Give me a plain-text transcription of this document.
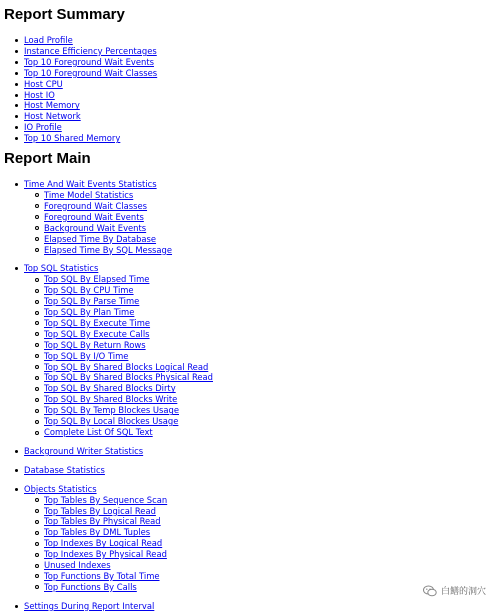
Report Summary
Load Profile
Instance Efficiency Percentages
Top 10 Foreground Wait Events
Top 10 Foreground Wait Classes
Host CPU
Host IO
Host Memory
Host Network
IO Profile
Top 10 Shared Memory
Report Main
Time And Wait Events Statistics
Time Model Statistics
Foreground Wait Classes
Foreground Wait Events
Background Wait Events
Elapsed Time By Database
Elapsed Time By SQL Message
Top SQL Statistics
Top SQL By Elapsed Time
Top SQL By CPU Time
Top SQL By Parse Time
Top SQL By Plan Time
Top SQL By Execute Time
Top SQL By Execute Calls
Top SQL By Return Rows
Top SQL By I/O Time
Top SQL By Shared Blocks Logical Read
Top SQL By Shared Blocks Physical Read
Top SQL By Shared Blocks Dirty
Top SQL By Shared Blocks Write
Top SQL By Temp Blockes Usage
Top SQL By Local Blockes Usage
Complete List Of SQL Text
Background Writer Statistics
Database Statistics
Objects Statistics
Top Tables By Sequence Scan
Top Tables By Logical Read
Top Tables By Physical Read
Top Tables By DML Tuples
Top Indexes By Logical Read
Top Indexes By Physical Read
Unused Indexes
Top Functions By Total Time
Top Functions By Calls
Settings During Report Interval
白鳝的洞穴
